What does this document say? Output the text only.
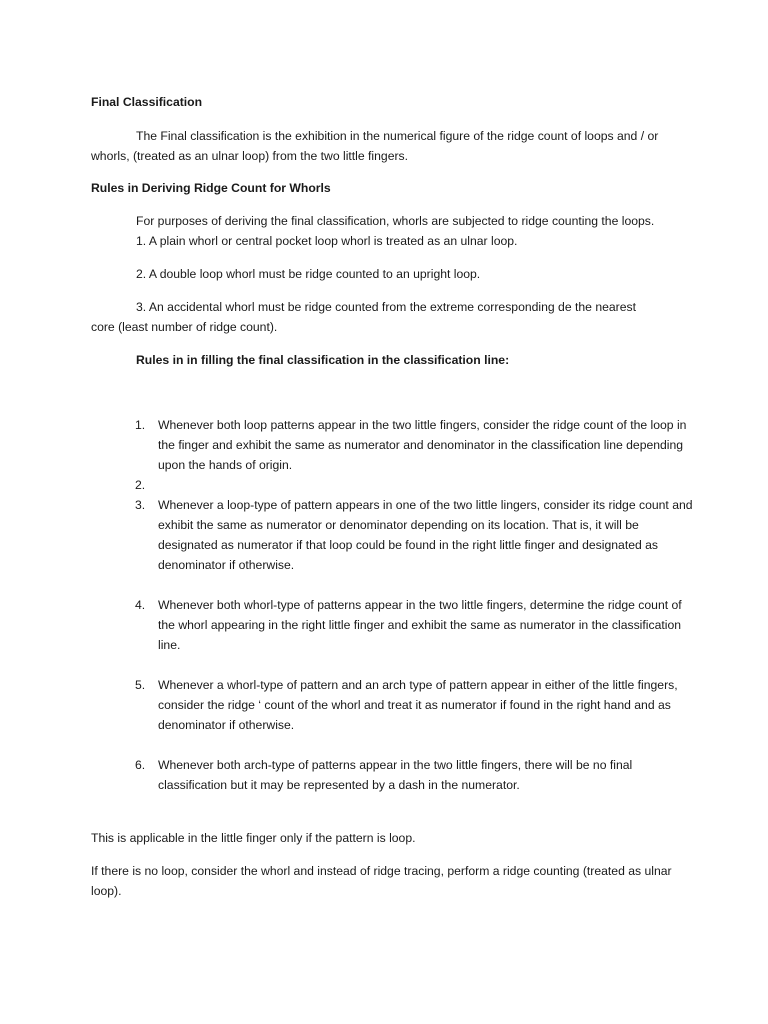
Final Classification
The Final classification is the exhibition in the numerical figure of the ridge count of loops and / or whorls, (treated as an ulnar loop) from the two little fingers.
Rules in Deriving Ridge Count for Whorls
For purposes of deriving the final classification, whorls are subjected to ridge counting the loops.
1. A plain whorl or central pocket loop whorl is treated as an ulnar loop.
2. A double loop whorl must be ridge counted to an upright loop.
3. An accidental whorl must be ridge counted from the extreme corresponding de the nearest
core (least number of ridge count).
Rules in in filling the final classification in the classification line:
1.	Whenever both loop patterns appear in the two little fingers, consider the ridge count of the loop in the finger and exhibit the same as numerator and denominator in the classification line depending upon the hands of origin.
2.
3.	Whenever a loop-type of pattern appears in one of the two little lingers, consider its ridge count and exhibit the same as numerator or denominator depending on its location. That is, it will be designated as numerator if that loop could be found in the right little finger and designated as denominator if otherwise.
4.	Whenever both whorl-type of patterns appear in the two little fingers, determine the ridge count of the whorl appearing in the right little finger and exhibit the same as numerator in the classification line.
5.	Whenever a whorl-type of pattern and an arch type of pattern appear in either of the little fingers, consider the ridge ‘ count of the whorl and treat it as numerator if found in the right hand and as denominator if otherwise.
6.	Whenever both arch-type of patterns appear in the two little fingers, there will be no final classification but it may be represented by a dash in the numerator.
This is applicable in the little finger only if the pattern is loop.
If there is no loop, consider the whorl and instead of ridge tracing, perform a ridge counting (treated as ulnar loop).
